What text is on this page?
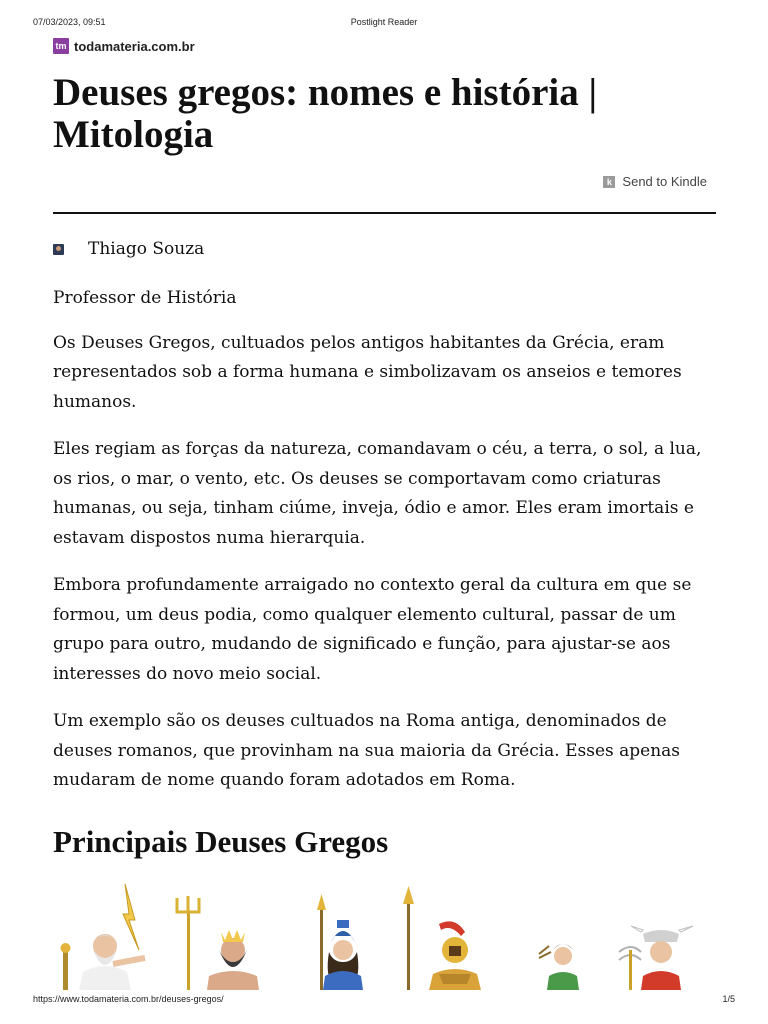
07/03/2023, 09:51	Postlight Reader
tm todamateria.com.br
Deuses gregos: nomes e história | Mitologia
k Send to Kindle
Thiago Souza

Professor de História

Os Deuses Gregos, cultuados pelos antigos habitantes da Grécia, eram representados sob a forma humana e simbolizavam os anseios e temores humanos.

Eles regiam as forças da natureza, comandavam o céu, a terra, o sol, a lua, os rios, o mar, o vento, etc. Os deuses se comportavam como criaturas humanas, ou seja, tinham ciúme, inveja, ódio e amor. Eles eram imortais e estavam dispostos numa hierarquia.

Embora profundamente arraigado no contexto geral da cultura em que se formou, um deus podia, como qualquer elemento cultural, passar de um grupo para outro, mudando de significado e função, para ajustar-se aos interesses do novo meio social.

Um exemplo são os deuses cultuados na Roma antiga, denominados de deuses romanos, que provinham na sua maioria da Grécia. Esses apenas mudaram de nome quando foram adotados em Roma.

Principais Deuses Gregos
https://www.todamateria.com.br/deuses-gregos/	1/5
